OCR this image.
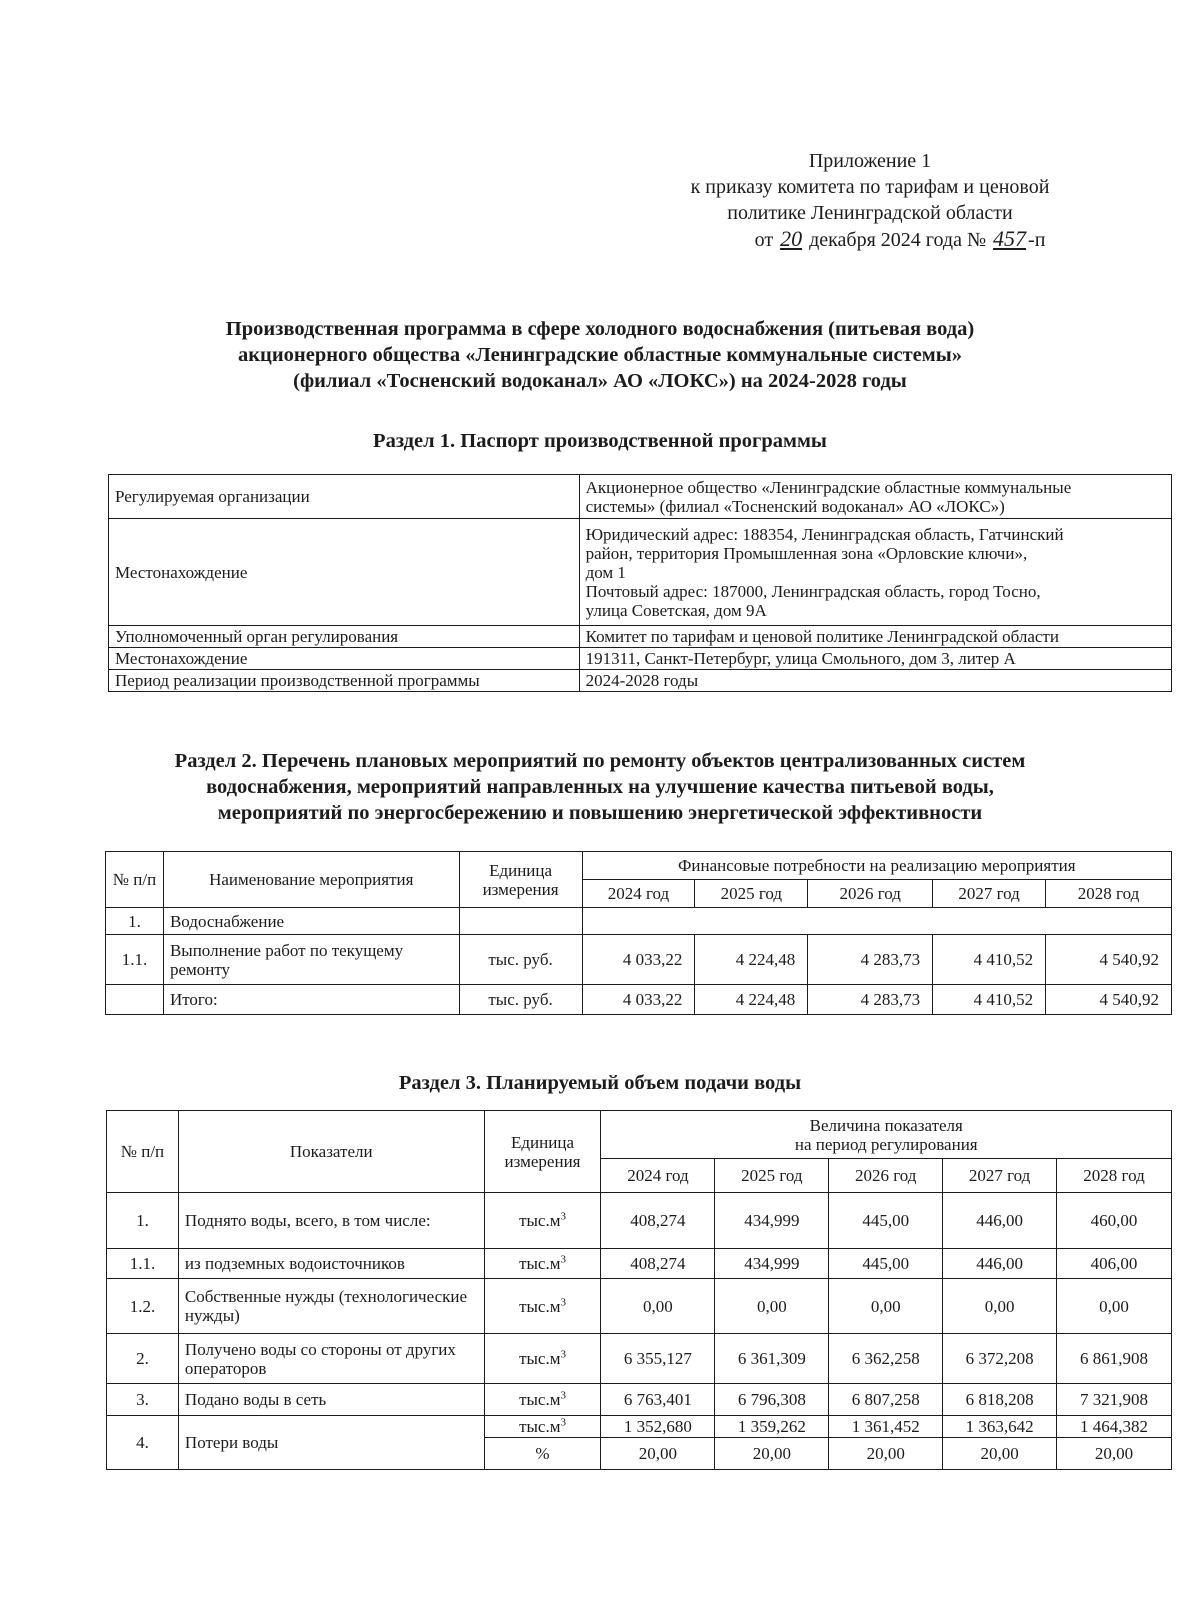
Приложение 1
к приказу комитета по тарифам и ценовой
политике Ленинградской области
от 20 декабря 2024 года № 457 -п
Производственная программа в сфере холодного водоснабжения (питьевая вода)
акционерного общества «Ленинградские областные коммунальные системы»
(филиал «Тосненский водоканал» АО «ЛОКС») на 2024-2028 годы
Раздел 1. Паспорт производственной программы
Регулируемая организации	Акционерное общество «Ленинградские областные коммунальные
системы» (филиал «Тосненский водоканал» АО «ЛОКС»)

Местонахождение	Юридический адрес: 188354, Ленинградская область, Гатчинский
район, территория Промышленная зона «Орловские ключи»,
дом 1
Почтовый адрес: 187000, Ленинградская область, город Тосно,
улица Советская, дом 9А

Уполномоченный орган регулирования	Комитет по тарифам и ценовой политике Ленинградской области
Местонахождение	191311, Санкт-Петербург, улица Смольного, дом 3, литер А
Период реализации производственной программы	2024-2028 годы
Раздел 2. Перечень плановых мероприятий по ремонту объектов централизованных систем
водоснабжения, мероприятий направленных на улучшение качества питьевой воды,
мероприятий по энергосбережению и повышению энергетической эффективности
№ п/п	Наименование мероприятия	Единица измерения	Финансовые потребности на реализацию мероприятия				
			2024 год	2025 год	2026 год	2027 год	2028 год
1.	Водоснабжение						
1.1.	Выполнение работ по текущему ремонту	тыс. руб.	4 033,22	4 224,48	4 283,73	4 410,52	4 540,92
	Итого:	тыс. руб.	4 033,22	4 224,48	4 283,73	4 410,52	4 540,92
Раздел 3. Планируемый объем подачи воды
№ п/п	Показатели	Единица измерения	Величина показателя
на период регулирования				

			2024 год	2025 год	2026 год	2027 год	2028 год
1.	Поднято воды, всего, в том числе:	$тыс.м^3$	408,274	434,999	445,00	446,00	460,00
1.1.	из подземных водоисточников	$тыс.м^3$	408,274	434,999	445,00	446,00	406,00
1.2.	Собственные нужды (технологические нужды)	$тыс.м^3$	0,00	0,00	0,00	0,00	0,00
2.	Получено воды со стороны от других операторов	$тыс.м^3$	6 355,127	6 361,309	6 362,258	6 372,208	6 861,908
3.	Подано воды в сеть	$тыс.м^3$	6 763,401	6 796,308	6 807,258	6 818,208	7 321,908
4.	Потери воды	$тыс.м^3$	1 352,680	1 359,262	1 361,452	1 363,642	1 464,382
		%	20,00	20,00	20,00	20,00	20,00
